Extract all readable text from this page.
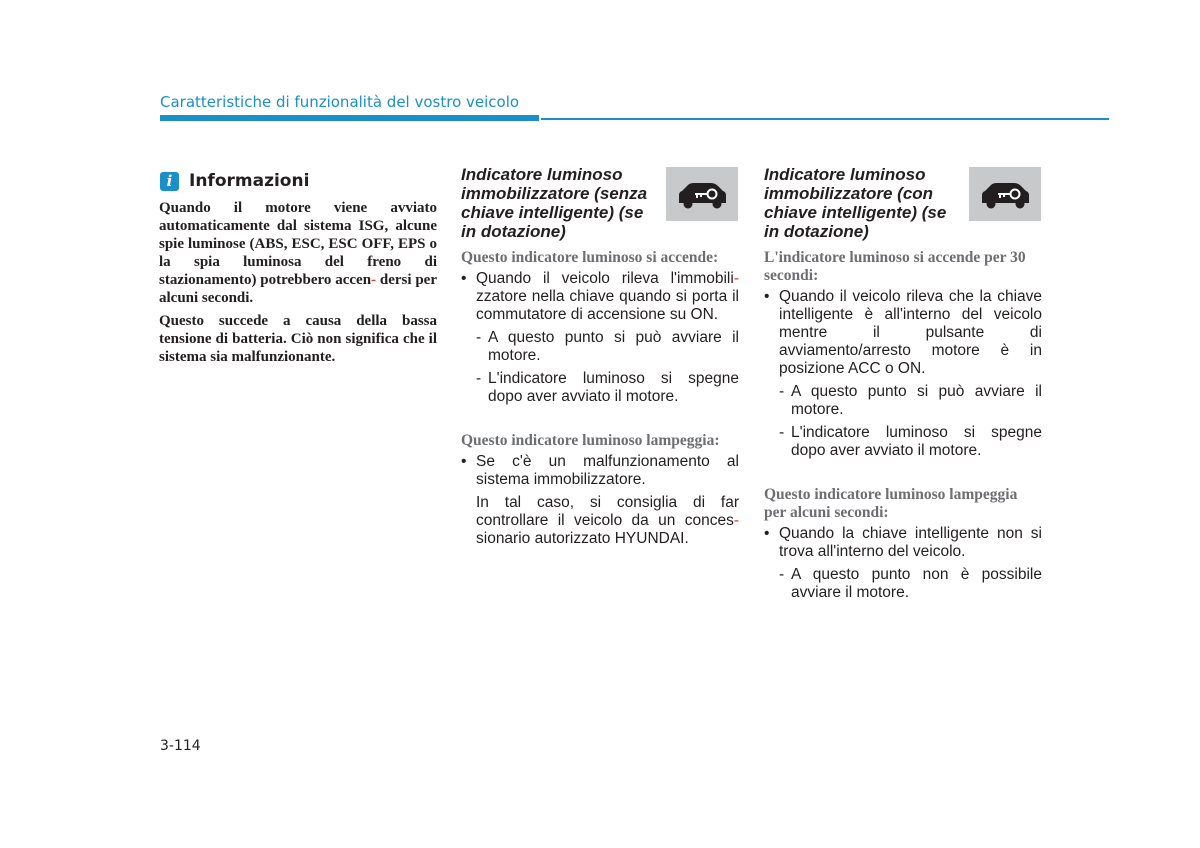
Caratteristiche di funzionalità del vostro veicolo
i Informazioni

Quando il motore viene avviato automaticamente dal sistema ISG, alcune spie luminose (ABS, ESC, ESC OFF, EPS o la spia luminosa del freno di stazionamento) potrebbero accen- dersi per alcuni secondi.

Questo succede a causa della bassa tensione di batteria. Ciò non significa che il sistema sia malfunzionante.

Indicatore luminoso immobilizzatore (senza chiave intelligente) (se in dotazione)

Questo indicatore luminoso si accende:

• Quando il veicolo rileva l'immobili- zzatore nella chiave quando si porta il commutatore di accensione su ON.

- A questo punto si può avviare il motore.

- L'indicatore luminoso si spegne dopo aver avviato il motore.

Questo indicatore luminoso lampeggia:

• Se c'è un malfunzionamento al sistema immobilizzatore.

In tal caso, si consiglia di far controllare il veicolo da un conces- sionario autorizzato HYUNDAI.

Indicatore luminoso immobilizzatore (con chiave intelligente) (se in dotazione)

L'indicatore luminoso si accende per 30 secondi:

• Quando il veicolo rileva che la chiave intelligente è all'interno del veicolo mentre il pulsante di avviamento/arresto motore è in posizione ACC o ON.

- A questo punto si può avviare il motore.

- L'indicatore luminoso si spegne dopo aver avviato il motore.

Questo indicatore luminoso lampeggia per alcuni secondi:

• Quando la chiave intelligente non si trova all'interno del veicolo.

- A questo punto non è possibile avviare il motore.

3-114
